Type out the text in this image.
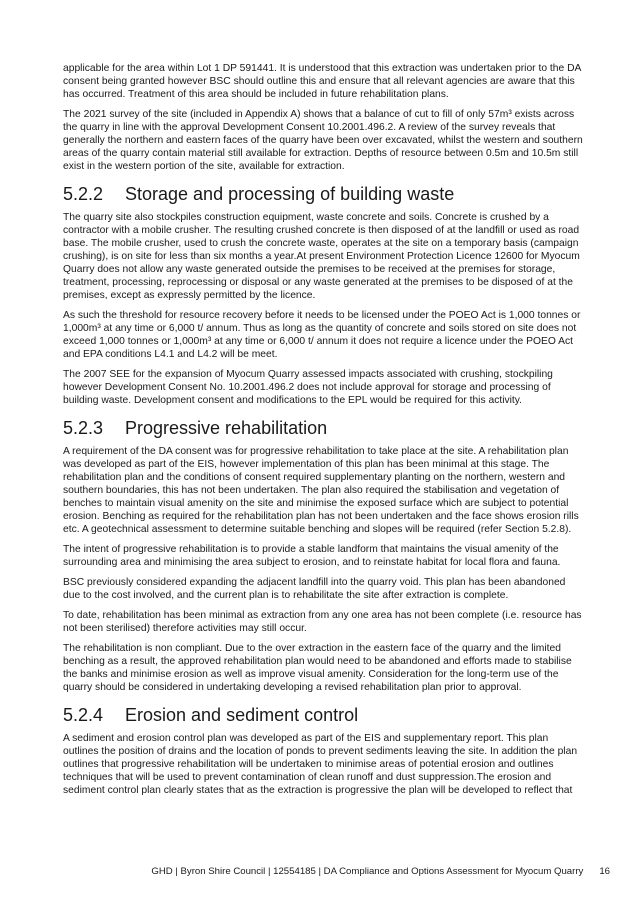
applicable for the area within Lot 1 DP 591441. It is understood that this extraction was undertaken prior to the DA consent being granted however BSC should outline this and ensure that all relevant agencies are aware that this has occurred. Treatment of this area should be included in future rehabilitation plans.

The 2021 survey of the site (included in Appendix A) shows that a balance of cut to fill of only 57m³ exists across the quarry in line with the approval Development Consent 10.2001.496.2. A review of the survey reveals that generally the northern and eastern faces of the quarry have been over excavated, whilst the western and southern areas of the quarry contain material still available for extraction. Depths of resource between 0.5m and 10.5m still exist in the western portion of the site, available for extraction.

5.2.2	Storage and processing of building waste

The quarry site also stockpiles construction equipment, waste concrete and soils. Concrete is crushed by a contractor with a mobile crusher. The resulting crushed concrete is then disposed of at the landfill or used as road base. The mobile crusher, used to crush the concrete waste, operates at the site on a temporary basis (campaign crushing), is on site for less than six months a year.At present Environment Protection Licence 12600 for Myocum Quarry does not allow any waste generated outside the premises to be received at the premises for storage, treatment, processing, reprocessing or disposal or any waste generated at the premises to be disposed of at the premises, except as expressly permitted by the licence.

As such the threshold for resource recovery before it needs to be licensed under the POEO Act is 1,000 tonnes or 1,000m³ at any time or 6,000 t/ annum. Thus as long as the quantity of concrete and soils stored on site does not exceed 1,000 tonnes or 1,000m³ at any time or 6,000 t/ annum it does not require a licence under the POEO Act and EPA conditions L4.1 and L4.2 will be meet.

The 2007 SEE for the expansion of Myocum Quarry assessed impacts associated with crushing, stockpiling however Development Consent No. 10.2001.496.2 does not include approval for storage and processing of building waste. Development consent and modifications to the EPL would be required for this activity.

5.2.3	Progressive rehabilitation

A requirement of the DA consent was for progressive rehabilitation to take place at the site. A rehabilitation plan was developed as part of the EIS, however implementation of this plan has been minimal at this stage. The rehabilitation plan and the conditions of consent required supplementary planting on the northern, western and southern boundaries, this has not been undertaken. The plan also required the stabilisation and vegetation of benches to maintain visual amenity on the site and minimise the exposed surface which are subject to potential erosion. Benching as required for the rehabilitation plan has not been undertaken and the face shows erosion rills etc. A geotechnical assessment to determine suitable benching and slopes will be required (refer Section 5.2.8).

The intent of progressive rehabilitation is to provide a stable landform that maintains the visual amenity of the surrounding area and minimising the area subject to erosion, and to reinstate habitat for local flora and fauna.

BSC previously considered expanding the adjacent landfill into the quarry void. This plan has been abandoned due to the cost involved, and the current plan is to rehabilitate the site after extraction is complete.

To date, rehabilitation has been minimal as extraction from any one area has not been complete (i.e. resource has not been sterilised) therefore activities may still occur.

The rehabilitation is non compliant. Due to the over extraction in the eastern face of the quarry and the limited benching as a result, the approved rehabilitation plan would need to be abandoned and efforts made to stabilise the banks and minimise erosion as well as improve visual amenity. Consideration for the long-term use of the quarry should be considered in undertaking developing a revised rehabilitation plan prior to approval.

5.2.4	Erosion and sediment control

A sediment and erosion control plan was developed as part of the EIS and supplementary report. This plan outlines the position of drains and the location of ponds to prevent sediments leaving the site. In addition the plan outlines that progressive rehabilitation will be undertaken to minimise areas of potential erosion and outlines techniques that will be used to prevent contamination of clean runoff and dust suppression.The erosion and sediment control plan clearly states that as the extraction is progressive the plan will be developed to reflect that

GHD | Byron Shire Council | 12554185 | DA Compliance and Options Assessment for Myocum Quarry 16
